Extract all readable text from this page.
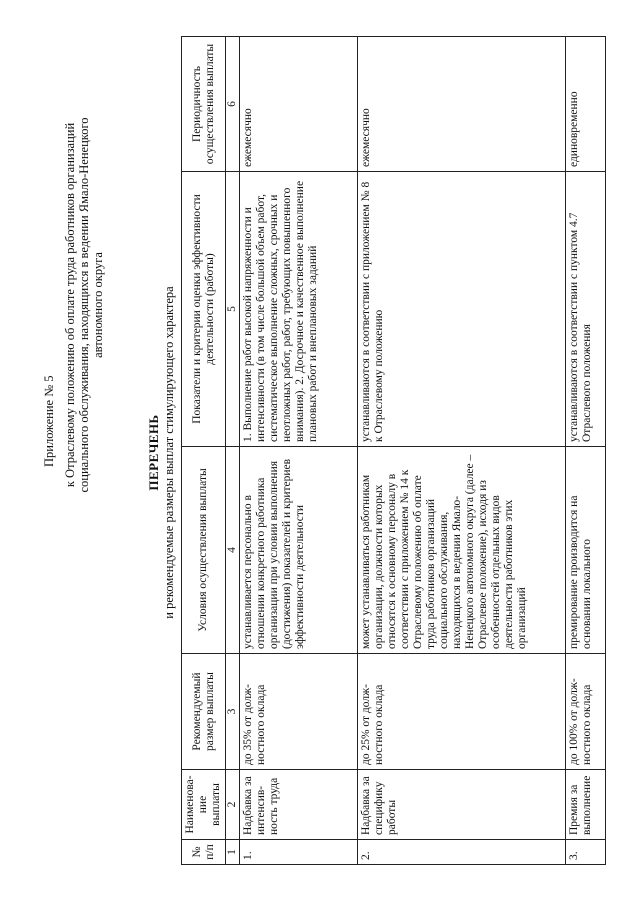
Приложение № 5 к Отраслевому положению об оплате труда работников организаций социального обслуживания, находящихся в ведении Ямало-Ненецкого автономного округа
ПЕРЕЧЕНЬ и рекомендуемые размеры выплат стимулирующего характера
№ п/п	Наименова-ние выплаты	Рекомендуемый размер выплаты	Условия осуществления выплаты	Показатели и критерии оценки эффективности деятельности (работы)	Периодичность осуществления выплаты
1	2	3	4	5	6
1.	Надбавка за интенсив-ность труда	до 35% от долж-ностного оклада	устанавливается персонально в отношении конкретного работника организации при условии выполнения (достижения) показателей и критериев эффективности деятельности	1. Выполнение работ высокой напряженности и интенсивности (в том числе большой объем работ, систематическое выполнение сложных, срочных и неотложных работ, работ, требующих повышенного внимания). 2. Досрочное и качественное выполнение плановых работ и внеплановых заданий	ежемесячно
2.	Надбавка за специфику работы	до 25% от долж-ностного оклада	может устанавливаться работникам организации, должности которых относятся к основному персоналу в соответствии с приложением № 14 к Отраслевому положению об оплате труда работников организаций социального обслуживания, находящихся в ведении Ямало-Ненецкого автономного округа (далее – Отраслевое положение), исходя из особенностей отдельных видов деятельности работников этих организаций	устанавливаются в соответствии с приложением № 8 к Отраслевому положению	ежемесячно
3.	Премия за выполнение	до 100% от долж-ностного оклада	премирование производится на основании локального	устанавливаются в соответствии с пунктом 4.7 Отраслевого положения	единовременно
